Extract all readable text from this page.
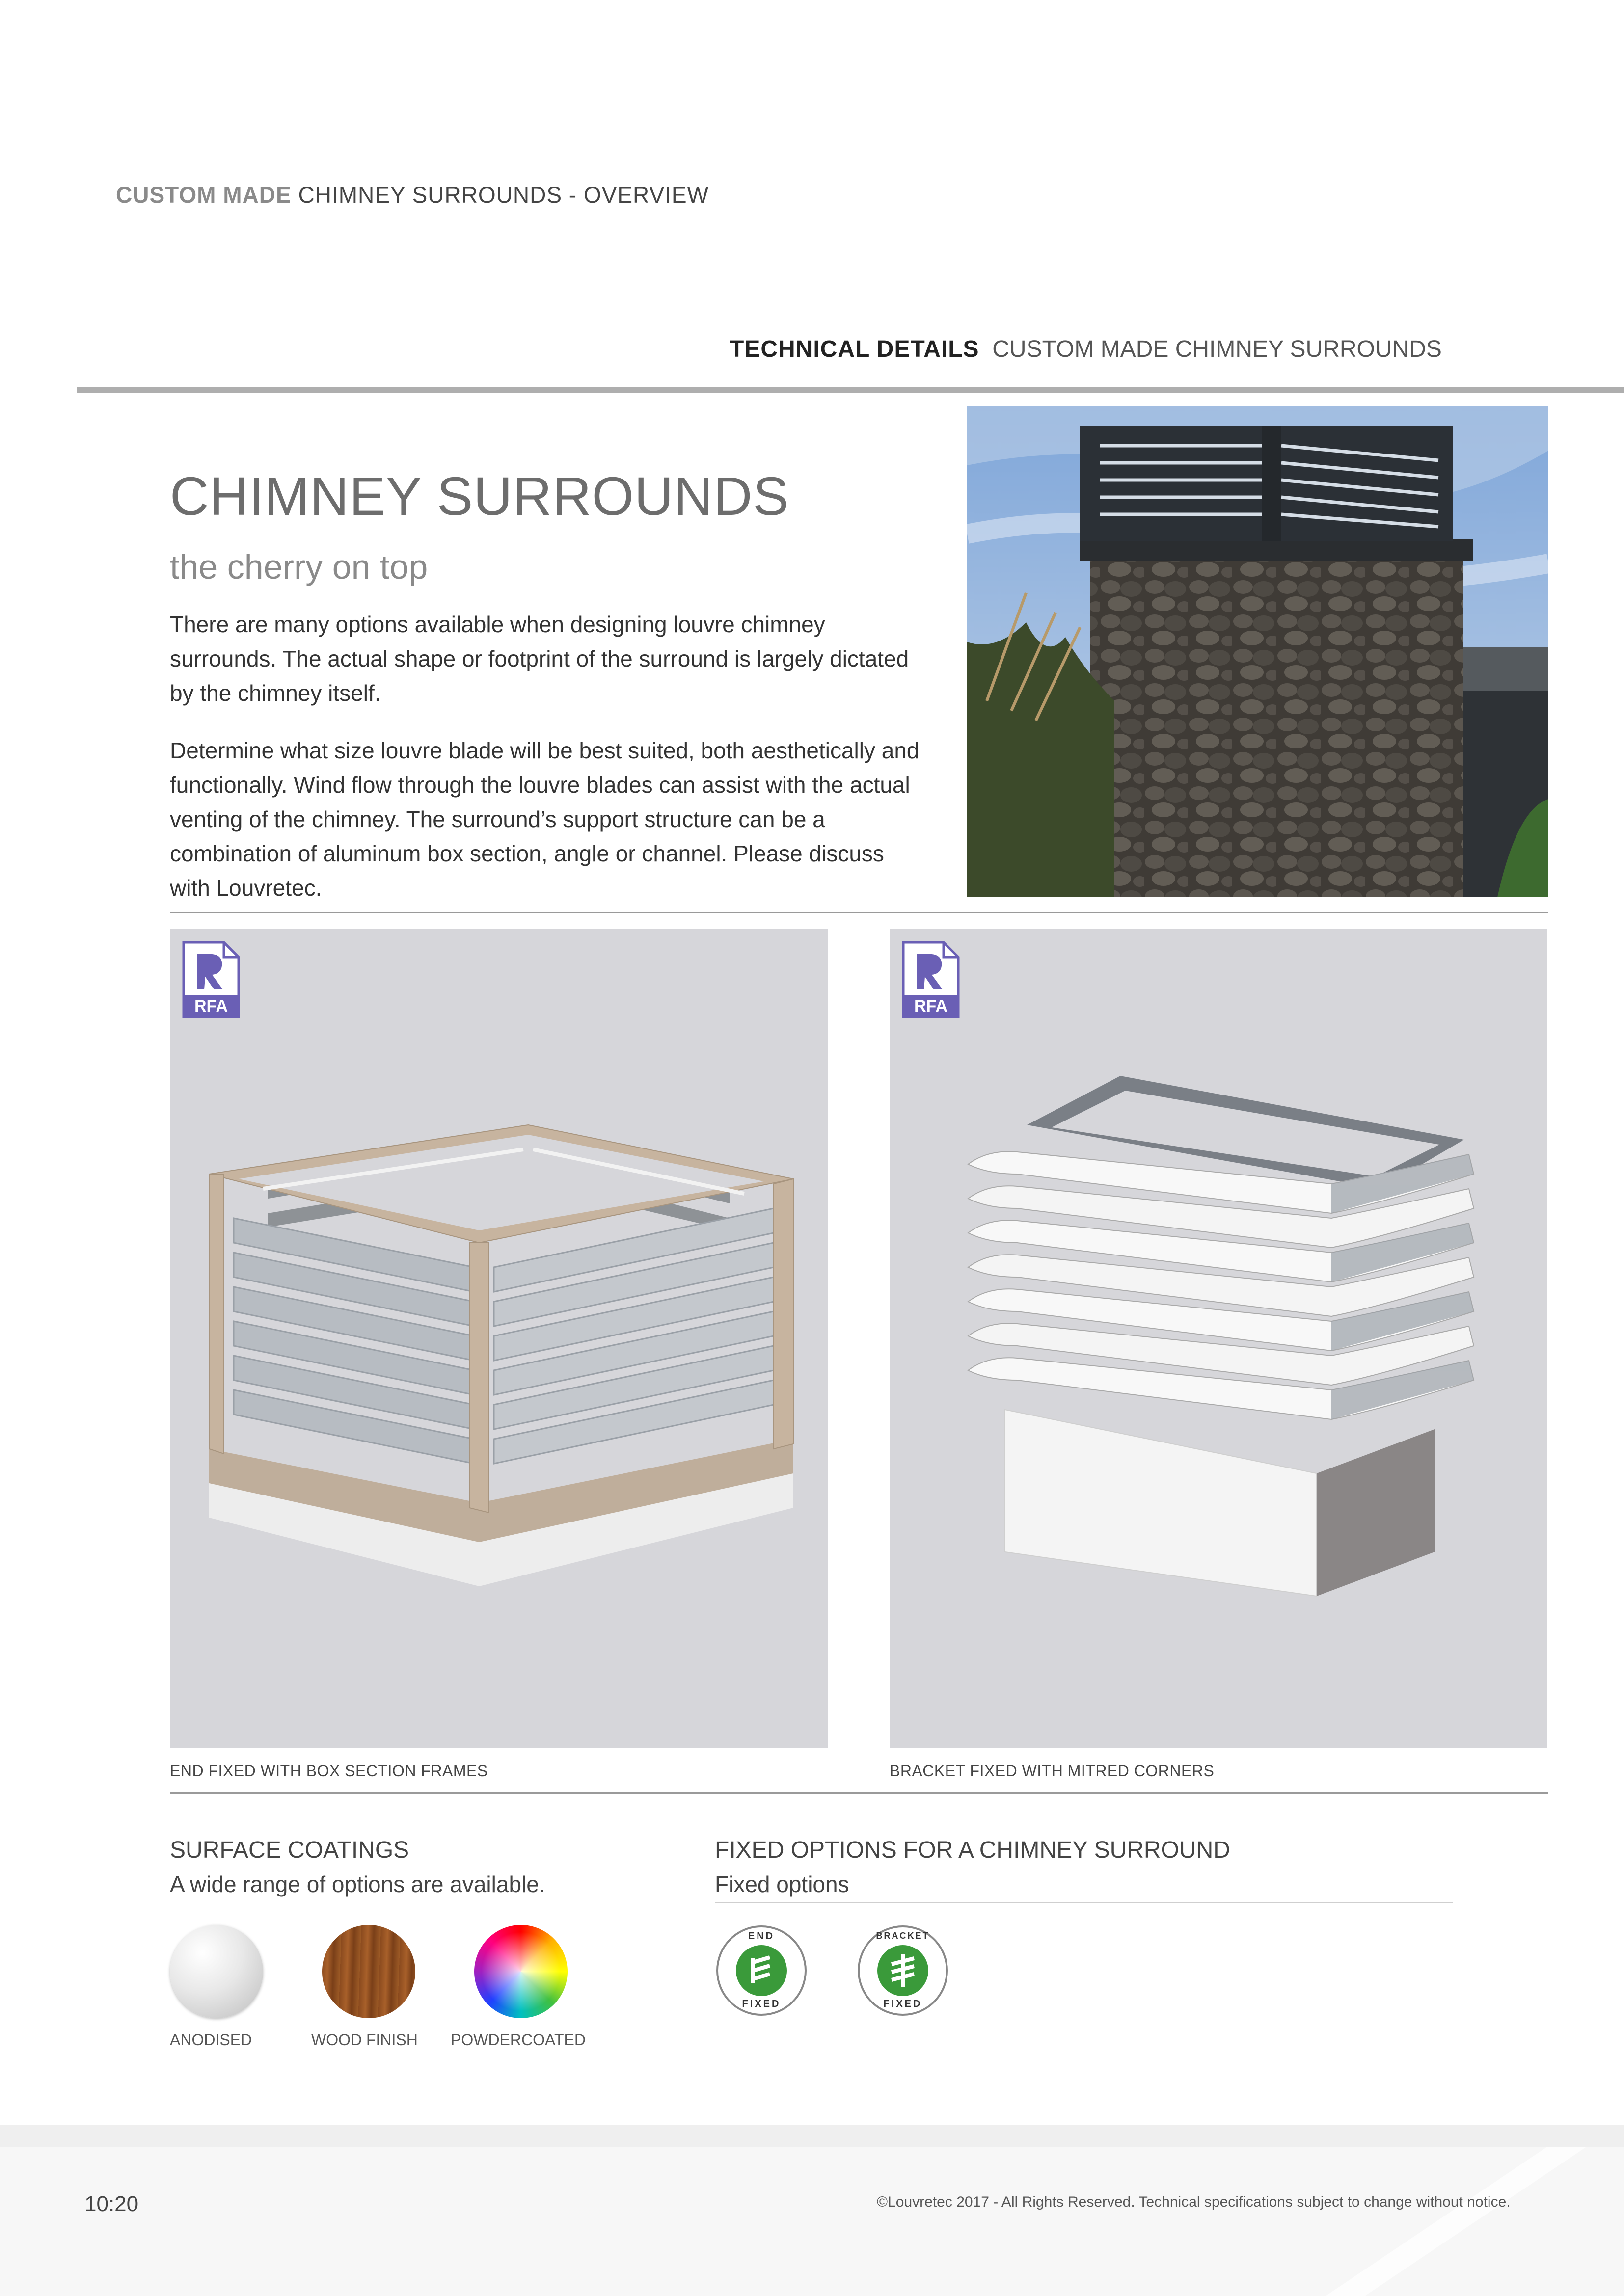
CUSTOM MADE CHIMNEY SURROUNDS - OVERVIEW
TECHNICAL DETAILS CUSTOM MADE CHIMNEY SURROUNDS
CHIMNEY SURROUNDS
the cherry on top
There are many options available when designing louvre chimney surrounds. The actual shape or footprint of the surround is largely dictated by the chimney itself.
Determine what size louvre blade will be best suited, both aesthetically and functionally. Wind flow through the louvre blades can assist with the actual venting of the chimney. The surround’s support structure can be a combination of aluminum box section, angle or channel. Please discuss with Louvretec.
RFA
END FIXED WITH BOX SECTION FRAMES
RFA
BRACKET FIXED WITH MITRED CORNERS
SURFACE COATINGS
A wide range of options are available.
ANODISED	WOOD FINISH POWDERCOATED
FIXED OPTIONS FOR A CHIMNEY SURROUND
Fixed options
END
FIXED
BRACKET
FIXED
10:20	©Louvretec 2017 - All Rights Reserved. Technical specifications subject to change without notice.
